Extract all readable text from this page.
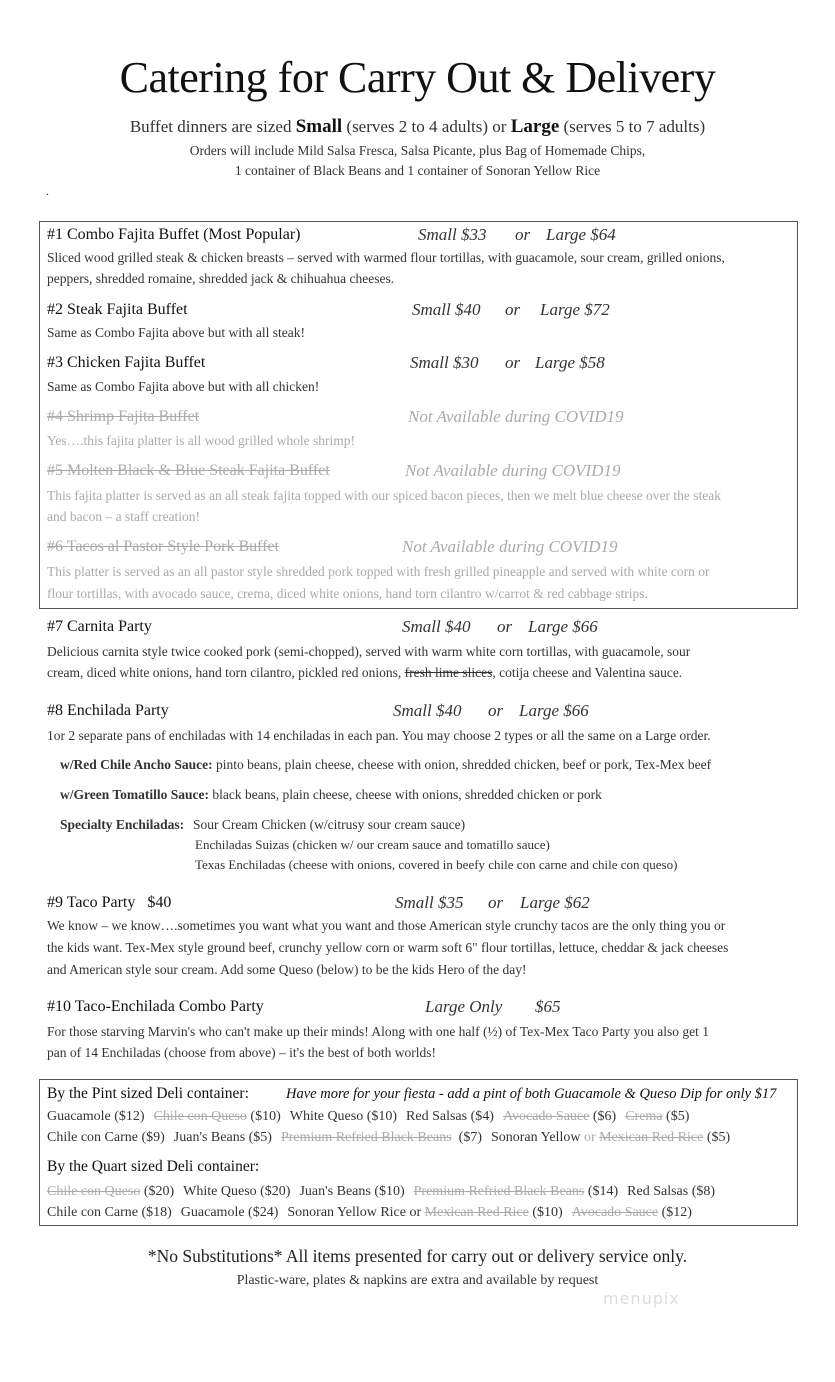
Catering for Carry Out & Delivery
Buffet dinners are sized Small (serves 2 to 4 adults) or Large (serves 5 to 7 adults)
Orders will include Mild Salsa Fresca, Salsa Picante, plus Bag of Homemade Chips,
1 container of Black Beans and 1 container of Sonoran Yellow Rice
.
#1 Combo Fajita Buffet (Most Popular)	Small $33 or Large $64
Sliced wood grilled steak & chicken breasts – served with warmed flour tortillas, with guacamole, sour cream, grilled onions,
peppers, shredded romaine, shredded jack & chihuahua cheeses.
#2 Steak Fajita Buffet	Small $40 or Large $72
Same as Combo Fajita above but with all steak!
#3 Chicken Fajita Buffet	Small $30 or Large $58
Same as Combo Fajita above but with all chicken!
#4 Shrimp Fajita Buffet	Not Available during COVID19
Yes….this fajita platter is all wood grilled whole shrimp!
#5 Molten Black & Blue Steak Fajita Buffet	Not Available during COVID19
This fajita platter is served as an all steak fajita topped with our spiced bacon pieces, then we melt blue cheese over the steak
and bacon – a staff creation!
#6 Tacos al Pastor Style Pork Buffet	Not Available during COVID19
This platter is served as an all pastor style shredded pork topped with fresh grilled pineapple and served with white corn or
flour tortillas, with avocado sauce, crema, diced white onions, hand torn cilantro w/carrot & red cabbage strips.
#7 Carnita Party	Small $40 or Large $66
Delicious carnita style twice cooked pork (semi-chopped), served with warm white corn tortillas, with guacamole, sour
cream, diced white onions, hand torn cilantro, pickled red onions, fresh lime slices, cotija cheese and Valentina sauce.
#8 Enchilada Party	Small $40 or Large $66
1or 2 separate pans of enchiladas with 14 enchiladas in each pan. You may choose 2 types or all the same on a Large order.
w/Red Chile Ancho Sauce: pinto beans, plain cheese, cheese with onion, shredded chicken, beef or pork, Tex-Mex beef
w/Green Tomatillo Sauce: black beans, plain cheese, cheese with onions, shredded chicken or pork
Specialty Enchiladas: Sour Cream Chicken (w/citrusy sour cream sauce)
Enchiladas Suizas (chicken w/ our cream sauce and tomatillo sauce)
Texas Enchiladas (cheese with onions, covered in beefy chile con carne and chile con queso)
#9 Taco Party   $40	Small $35 or Large $62
We know – we know….sometimes you want what you want and those American style crunchy tacos are the only thing you or
the kids want. Tex-Mex style ground beef, crunchy yellow corn or warm soft 6" flour tortillas, lettuce, cheddar & jack cheeses
and American style sour cream. Add some Queso (below) to be the kids Hero of the day!
#10 Taco-Enchilada Combo Party	Large Only $65
For those starving Marvin's who can't make up their minds! Along with one half (½) of Tex-Mex Taco Party you also get 1
pan of 14 Enchiladas (choose from above) – it's the best of both worlds!
By the Pint sized Deli container:	Have more for your fiesta - add a pint of both Guacamole & Queso Dip for only $17
Guacamole ($12) Chile con Queso ($10) White Queso ($10) Red Salsas ($4) Avocado Sauce ($6) Crema ($5)
Chile con Carne ($9) Juan's Beans ($5) Premium Refried Black Beans  ($7) Sonoran Yellow or Mexican Red Rice ($5)
By the Quart sized Deli container:
Chile con Queso ($20) White Queso ($20) Juan's Beans ($10) Premium Refried Black Beans ($14) Red Salsas ($8)
Chile con Carne ($18) Guacamole ($24) Sonoran Yellow Rice or Mexican Red Rice ($10) Avocado Sauce ($12)
*No Substitutions* All items presented for carry out or delivery service only.
Plastic-ware, plates & napkins are extra and available by request
menupix
